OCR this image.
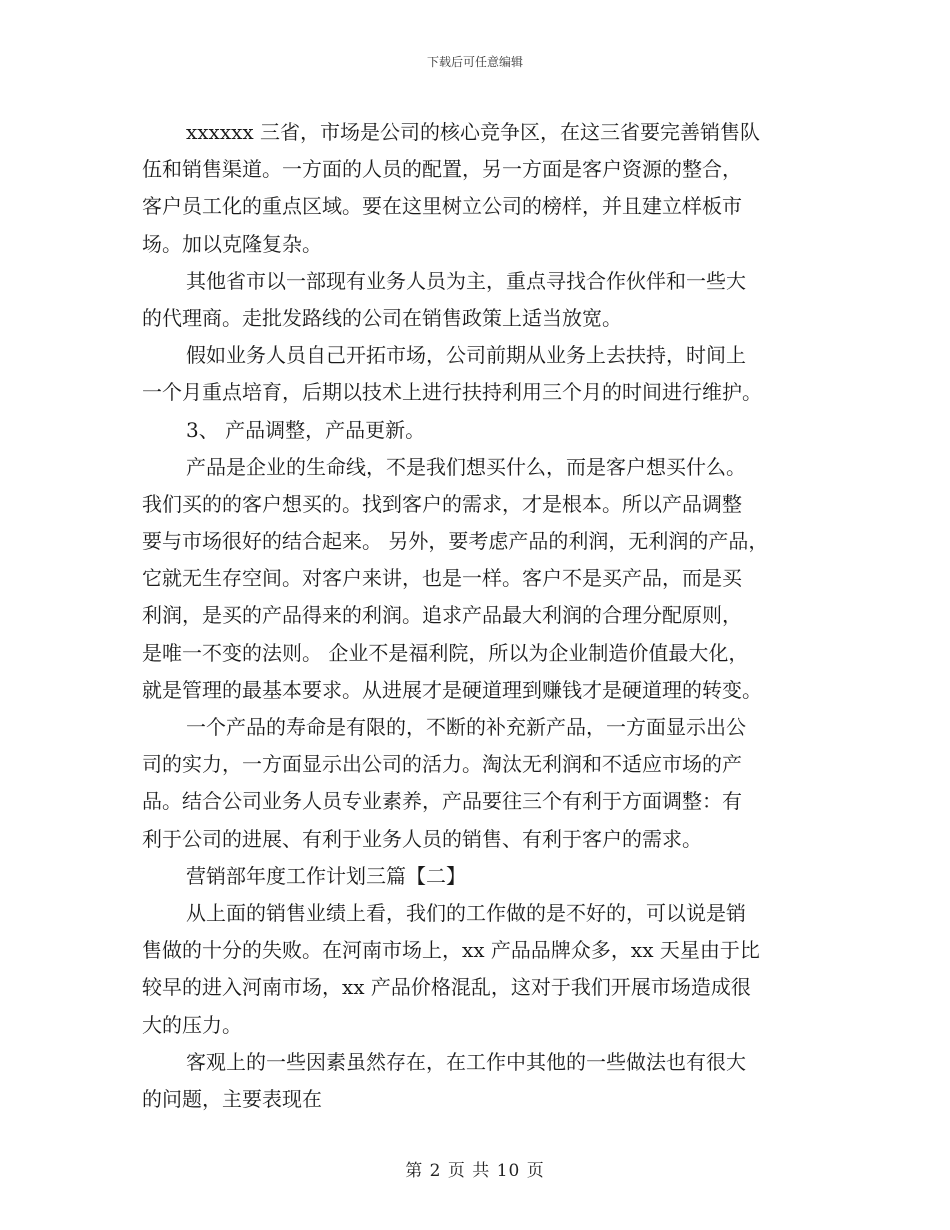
下载后可任意编辑
xxxxxx 三省，市场是公司的核心竞争区，在这三省要完善销售队
伍和销售渠道。一方面的人员的配置，另一方面是客户资源的整合，
客户员工化的重点区域。要在这里树立公司的榜样，并且建立样板市
场。加以克隆复杂。
其他省市以一部现有业务人员为主，重点寻找合作伙伴和一些大
的代理商。走批发路线的公司在销售政策上适当放宽。
假如业务人员自己开拓市场，公司前期从业务上去扶持，时间上
一个月重点培育，后期以技术上进行扶持利用三个月的时间进行维护。
3、 产品调整，产品更新。
产品是企业的生命线，不是我们想买什么，而是客户想买什么。
我们买的的客户想买的。找到客户的需求，才是根本。所以产品调整
要与市场很好的结合起来。 另外，要考虑产品的利润，无利润的产品，
它就无生存空间。对客户来讲，也是一样。客户不是买产品，而是买
利润，是买的产品得来的利润。追求产品最大利润的合理分配原则，
是唯一不变的法则。 企业不是福利院，所以为企业制造价值最大化，
就是管理的最基本要求。从进展才是硬道理到赚钱才是硬道理的转变。
一个产品的寿命是有限的，不断的补充新产品，一方面显示出公
司的实力，一方面显示出公司的活力。淘汰无利润和不适应市场的产
品。结合公司业务人员专业素养，产品要往三个有利于方面调整：有
利于公司的进展、有利于业务人员的销售、有利于客户的需求。
营销部年度工作计划三篇【二】
从上面的销售业绩上看，我们的工作做的是不好的，可以说是销
售做的十分的失败。在河南市场上，xx 产品品牌众多，xx 天星由于比
较早的进入河南市场，xx 产品价格混乱，这对于我们开展市场造成很
大的压力。
客观上的一些因素虽然存在，在工作中其他的一些做法也有很大
的问题，主要表现在
第 2 页 共 10 页
